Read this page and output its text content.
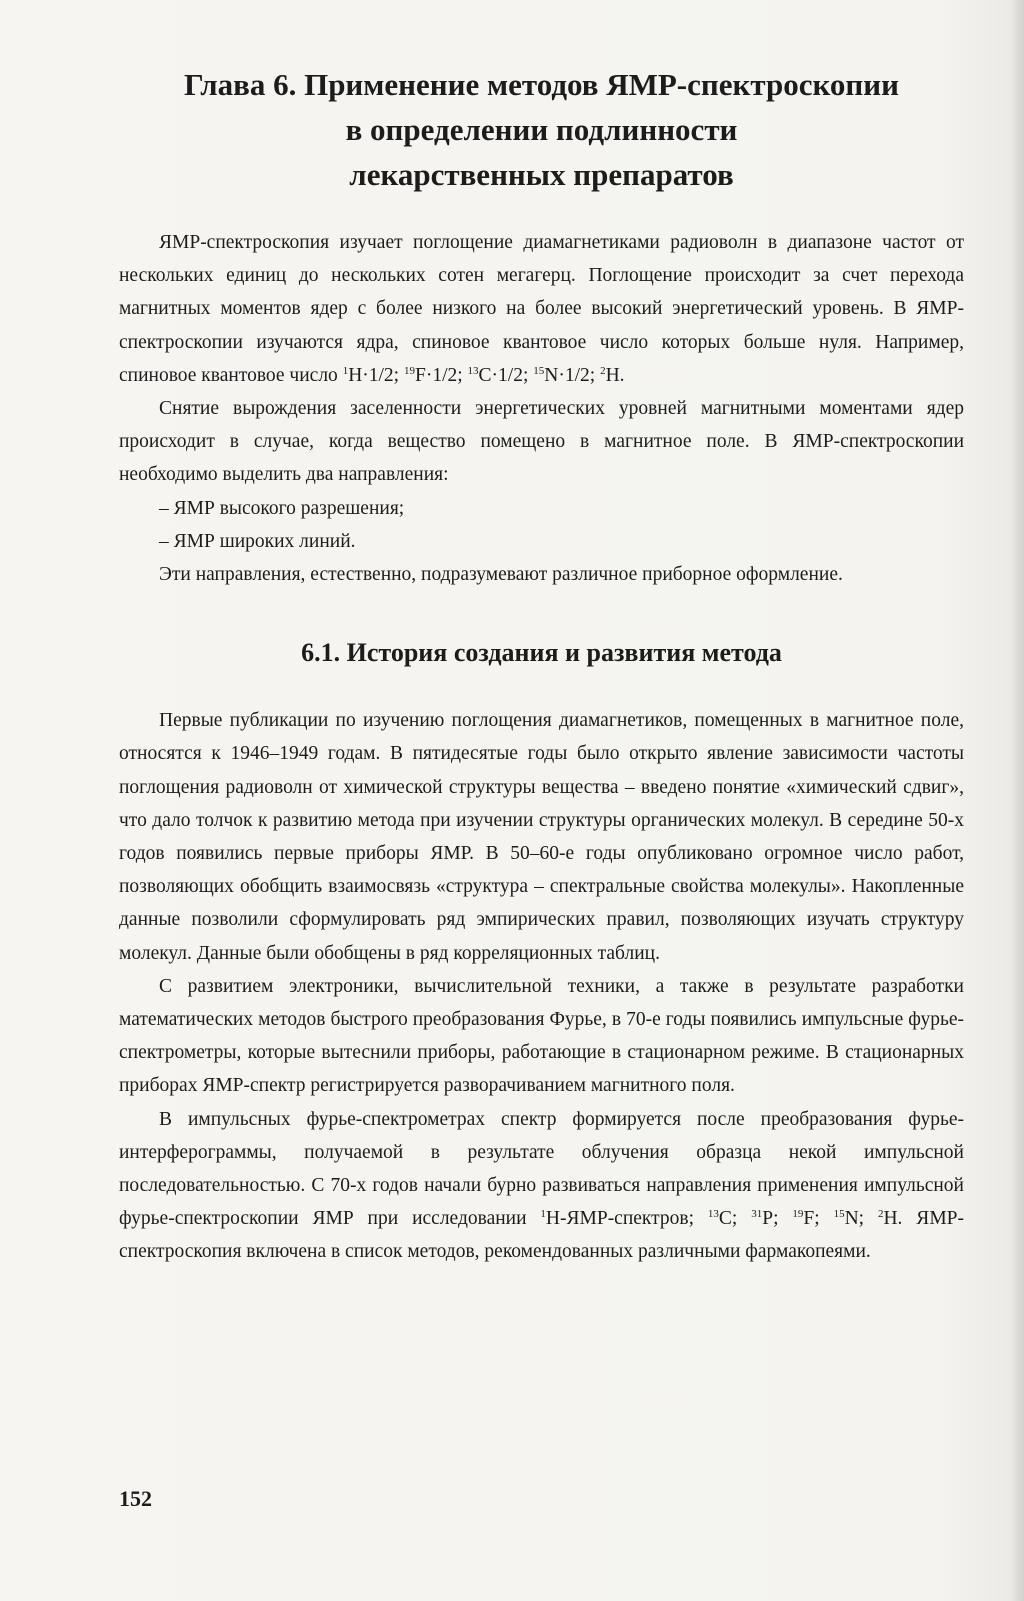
Глава 6. Применение методов ЯМР-спектроскопии
в определении подлинности
лекарственных препаратов

ЯМР-спектроскопия изучает поглощение диамагнетиками радиоволн в диапазоне частот от нескольких единиц до нескольких сотен мегагерц. Поглощение происходит за счет перехода магнитных моментов ядер с более низкого на более высокий энергетический уровень. В ЯМР-спектроскопии изучаются ядра, спиновое квантовое число которых больше нуля. Например, спиновое квантовое число $^1$H·1/2; $^{19}$F·1/2; $^{13}$C·1/2; $^{15}$N·1/2; $^2$H.

Снятие вырождения заселенности энергетических уровней магнитными моментами ядер происходит в случае, когда вещество помещено в магнитное поле. В ЯМР-спектроскопии необходимо выделить два направления:

– ЯМР высокого разрешения;

– ЯМР широких линий.

Эти направления, естественно, подразумевают различное приборное оформление.

6.1. История создания и развития метода

Первые публикации по изучению поглощения диамагнетиков, помещенных в магнитное поле, относятся к 1946–1949 годам. В пятидесятые годы было открыто явление зависимости частоты поглощения радиоволн от химической структуры вещества – введено понятие «химический сдвиг», что дало толчок к развитию метода при изучении структуры органических молекул. В середине 50-х годов появились первые приборы ЯМР. В 50–60-е годы опубликовано огромное число работ, позволяющих обобщить взаимосвязь «структура – спектральные свойства молекулы». Накопленные данные позволили сформулировать ряд эмпирических правил, позволяющих изучать структуру молекул. Данные были обобщены в ряд корреляционных таблиц.

С развитием электроники, вычислительной техники, а также в результате разработки математических методов быстрого преобразования Фурье, в 70-е годы появились импульсные фурье-спектрометры, которые вытеснили приборы, работающие в стационарном режиме. В стационарных приборах ЯМР-спектр регистрируется разворачиванием магнитного поля.

В импульсных фурье-спектрометрах спектр формируется после преобразования фурье-интерферограммы, получаемой в результате облучения образца некой импульсной последовательностью. С 70-х годов начали бурно развиваться направления применения импульсной фурье-спектроскопии ЯМР при исследовании $^1$H-ЯМР-спектров; $^{13}$C; $^{31}$P; $^{19}$F; $^{15}$N; $^2$H. ЯМР-спектроскопия включена в список методов, рекомендованных различными фармакопеями.

152
